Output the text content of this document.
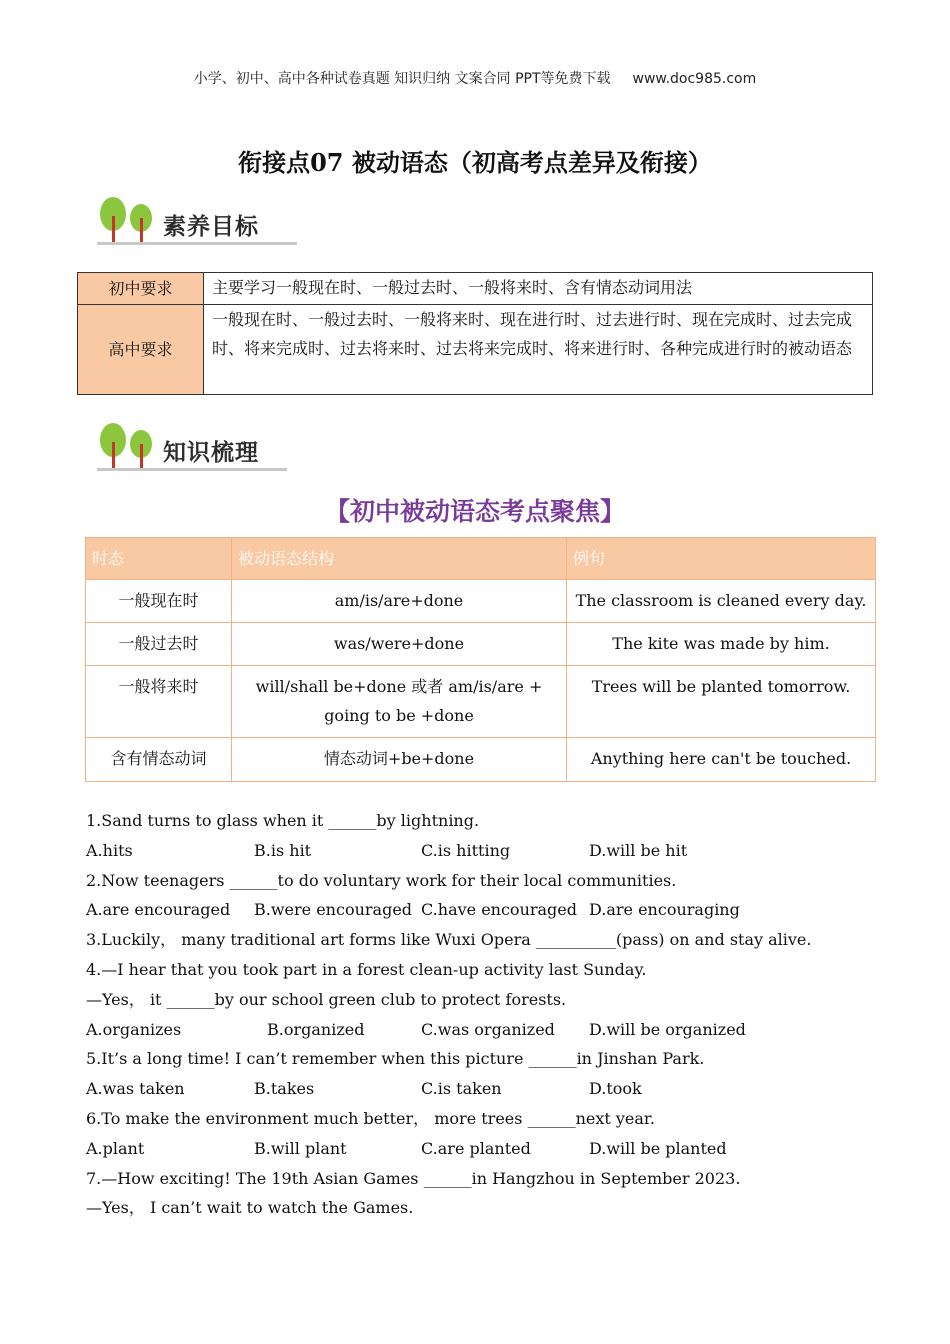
小学、初中、高中各种试卷真题 知识归纳 文案合同 PPT等免费下载 www.doc985.com
衔接点07 被动语态（初高考点差异及衔接）
素养目标
初中要求	主要学习一般现在时、一般过去时、一般将来时、含有情态动词用法
高中要求	一般现在时、一般过去时、一般将来时、现在进行时、过去进行时、现在完成时、过去完成时、将来完成时、过去将来时、过去将来完成时、将来进行时、各种完成进行时的被动语态
知识梳理
【初中被动语态考点聚焦】
时态	被动语态结构	例句
一般现在时	am/is/are+done	The classroom is cleaned every day.
一般过去时	was/were+done	The kite was made by him.
一般将来时	will/shall be+done 或者 am/is/are + going to be +done	Trees will be planted tomorrow.
含有情态动词	情态动词+be+done	Anything here can't be touched.
1.Sand turns to glass when it ______by lightning.
A.hits	B.is hit	C.is hitting	D.will be hit
2.Now teenagers ______to do voluntary work for their local communities.
A.are encouraged B.were encouraged C.have encouraged D.are encouraging
3.Luckily， many traditional art forms like Wuxi Opera __________(pass) on and stay alive.
4.—I hear that you took part in a forest clean-up activity last Sunday.
—Yes， it ______by our school green club to protect forests.
A.organizes	B.organized	C.was organized D.will be organized
5.It’s a long time! I can’t remember when this picture ______in Jinshan Park.
A.was taken	B.takes	C.is taken	D.took
6.To make the environment much better， more trees ______next year.
A.plant	B.will plant	C.are planted	D.will be planted
7.—How exciting! The 19th Asian Games ______in Hangzhou in September 2023.
—Yes， I can’t wait to watch the Games.
